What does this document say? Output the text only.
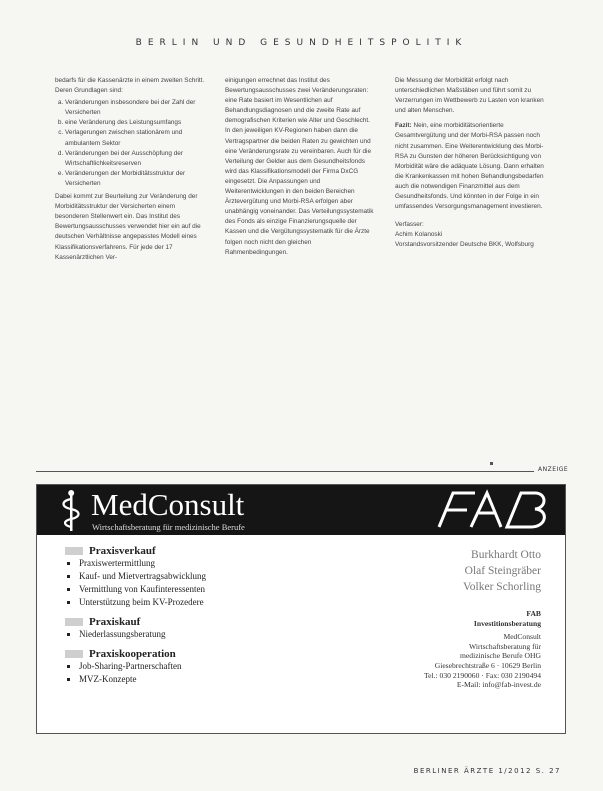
BERLIN UND GESUNDHEITSPOLITIK

bedarfs für die Kassenärzte in einem zweiten Schritt. Deren Grundlagen sind:

a. Veränderungen insbesondere bei der Zahl der Versicherten
b. eine Veränderung des Leistungsumfangs
c. Verlagerungen zwischen stationärem und ambulantem Sektor
d. Veränderungen bei der Ausschöpfung der Wirtschaftlichkeitsreserven
e. Veränderungen der Morbiditätsstruktur der Versicherten

Dabei kommt zur Beurteilung zur Veränderung der Morbiditätsstruktur der Versicherten einem besonderen Stellenwert ein. Das Institut des Bewertungsausschusses verwendet hier ein auf die deutschen Verhältnisse angepasstes Modell eines Klassifikationsverfahrens. Für jede der 17 Kassenärztlichen Ver-

einigungen errechnet das Institut des Bewertungsausschusses zwei Veränderungsraten: eine Rate basiert im Wesentlichen auf Behandlungsdiagnosen und die zweite Rate auf demografischen Kriterien wie Alter und Geschlecht. In den jeweiligen KV-Regionen haben dann die Vertragspartner die beiden Raten zu gewichten und eine Veränderungsrate zu vereinbaren. Auch für die Verteilung der Gelder aus dem Gesundheitsfonds wird das Klassifikationsmodell der Firma DxCG eingesetzt. Die Anpassungen und Weiterentwicklungen in den beiden Bereichen Ärztevergütung und Morbi-RSA erfolgen aber unabhängig voneinander. Das Verteilungssystematik des Fonds als einzige Finanzierungsquelle der Kassen und die Vergütungssystematik für die Ärzte folgen noch nicht den gleichen Rahmenbedingungen.

Die Messung der Morbidität erfolgt nach unterschiedlichen Maßstäben und führt somit zu Verzerrungen im Wettbewerb zu Lasten von kranken und alten Menschen.

Fazit: Nein, eine morbiditätsorientierte Gesamtvergütung und der Morbi-RSA passen noch nicht zusammen. Eine Weiterentwicklung des Morbi-RSA zu Gunsten der höheren Berücksichtigung von Morbidität wäre die adäquate Lösung. Dann erhalten die Krankenkassen mit hohen Behandlungsbedarfen auch die notwendigen Finanzmittel aus dem Gesundheitsfonds. Und könnten in der Folge in ein umfassendes Versorgungsmanagement investieren.

Verfasser:
Achim Kolanoski
Vorstandsvorsitzender Deutsche BKK, Wolfsburg
ANZEIGE
MedConsult
Wirtschaftsberatung für medizinische Berufe
Praxisverkauf
▪ Praxiswertermittlung
▪ Kauf- und Mietvertragsabwicklung
▪ Vermittlung von Kaufinteressenten
▪ Unterstützung beim KV-Prozedere
Praxiskauf
▪ Niederlassungsberatung
Praxiskooperation
▪ Job-Sharing-Partnerschaften
▪ MVZ-Konzepte
Burkhardt Otto
Olaf Steingräber
Volker Schorling
FAB
Investitionsberatung
MedConsult
Wirtschaftsberatung für
medizinische Berufe OHG
Giesebrechtstraße 6 · 10629 Berlin
Tel.: 030 2190060 · Fax: 030 2190494
E-Mail: info@fab-invest.de
BERLINER ÄRZTE 1/2012 S. 27
